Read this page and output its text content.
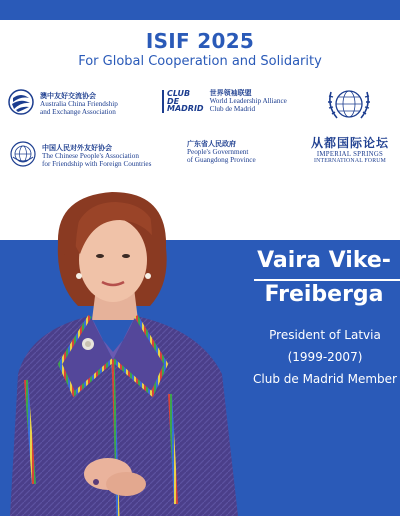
ISIF 2025
For Global Cooperation and Solidarity
澳中友好交流协会
Australia China Friendship
and Exchange Association
CLUB
DE
MADRID
世界领袖联盟
World Leadership Alliance
Club de Madrid
中国人民对外友好协会
The Chinese People's Association
for Friendship with Foreign Countries
广东省人民政府
People's Government
of Guangdong Province
从都国际论坛
IMPERIAL SPRINGS
INTERNATIONAL FORUM
Vaira Vike-
Freiberga
President of Latvia
(1999-2007)
Club de Madrid Member
